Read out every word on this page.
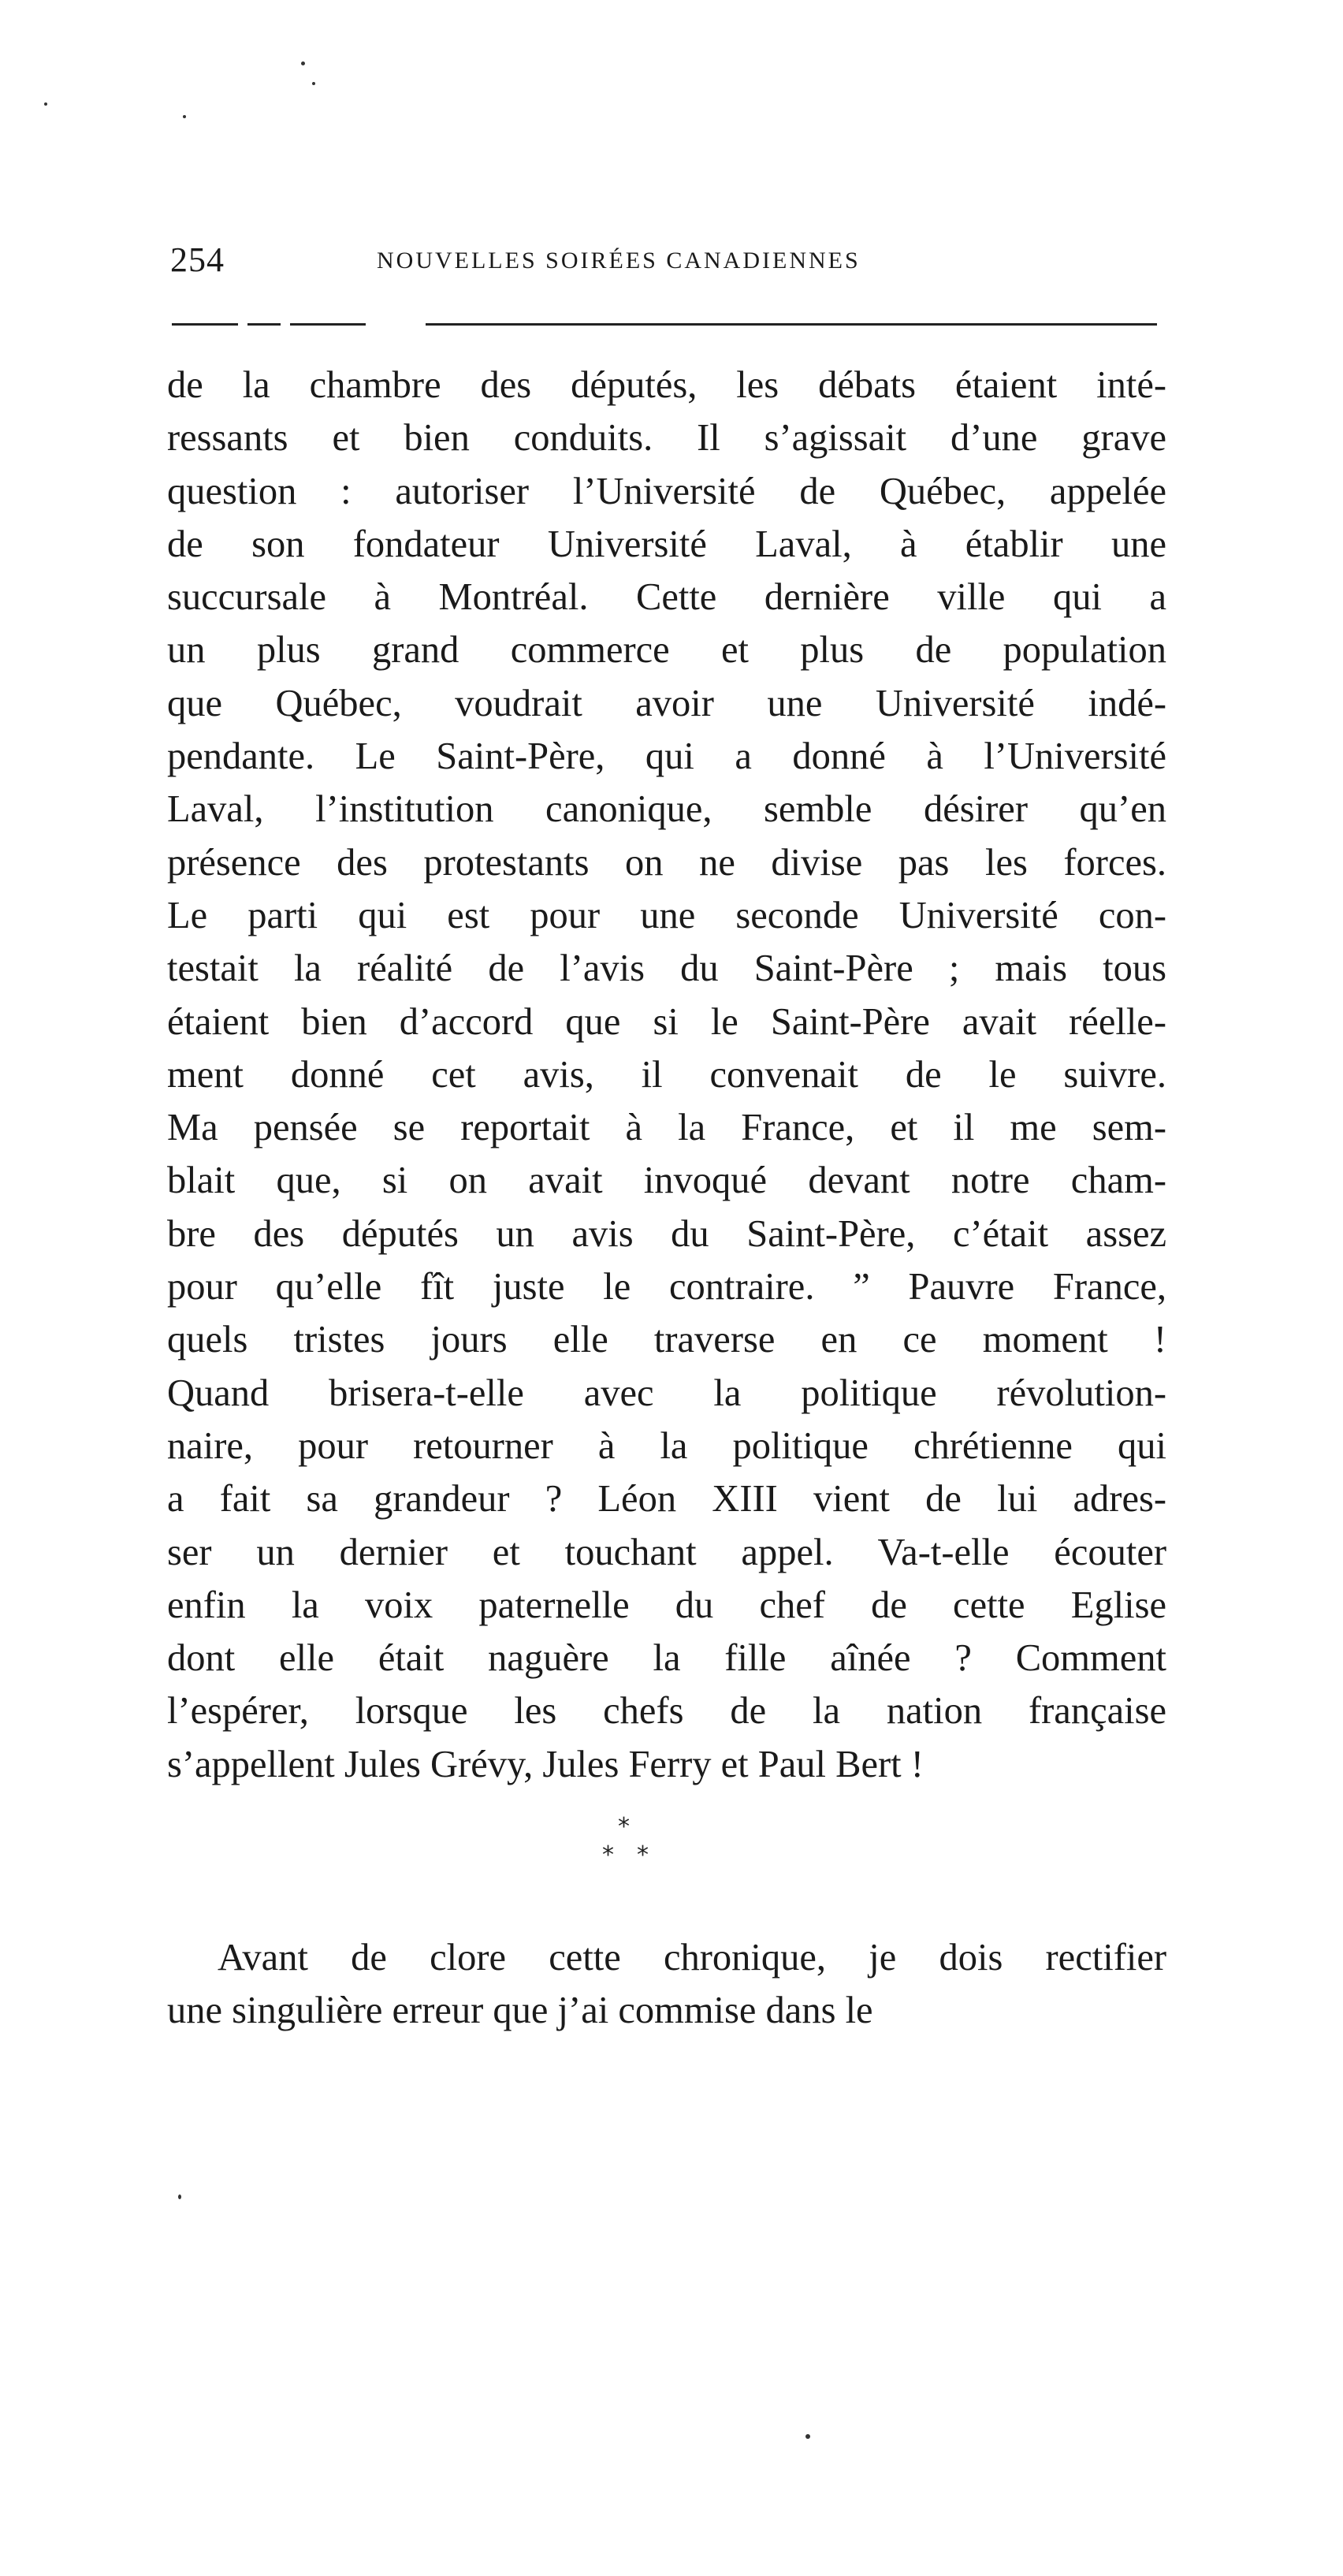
254	NOUVELLES SOIRÉES CANADIENNES
de la chambre des députés, les débats étaient inté-
ressants et bien conduits. Il s’agissait d’une grave
question : autoriser l’Université de Québec, appelée
de son fondateur Université Laval, à établir une
succursale à Montréal. Cette dernière ville qui a
un plus grand commerce et plus de population
que Québec, voudrait avoir une Université indé-
pendante. Le Saint-Père, qui a donné à l’Université
Laval, l’institution canonique, semble désirer qu’en
présence des protestants on ne divise pas les forces.
Le parti qui est pour une seconde Université con-
testait la réalité de l’avis du Saint-Père ; mais tous
étaient bien d’accord que si le Saint-Père avait réelle-
ment donné cet avis, il convenait de le suivre.
Ma pensée se reportait à la France, et il me sem-
blait que, si on avait invoqué devant notre cham-
bre des députés un avis du Saint-Père, c’était assez
pour qu’elle fît juste le contraire. ” Pauvre France,
quels tristes jours elle traverse en ce moment !
Quand brisera-t-elle avec la politique révolution-
naire, pour retourner à la politique chrétienne qui
a fait sa grandeur ? Léon XIII vient de lui adres-
ser un dernier et touchant appel. Va-t-elle écouter
enfin la voix paternelle du chef de cette Eglise
dont elle était naguère la fille aînée ? Comment
l’espérer, lorsque les chefs de la nation française
s’appellent Jules Grévy, Jules Ferry et Paul Bert !
*
* *
Avant de clore cette chronique, je dois rectifier
une singulière erreur que j’ai commise dans le
